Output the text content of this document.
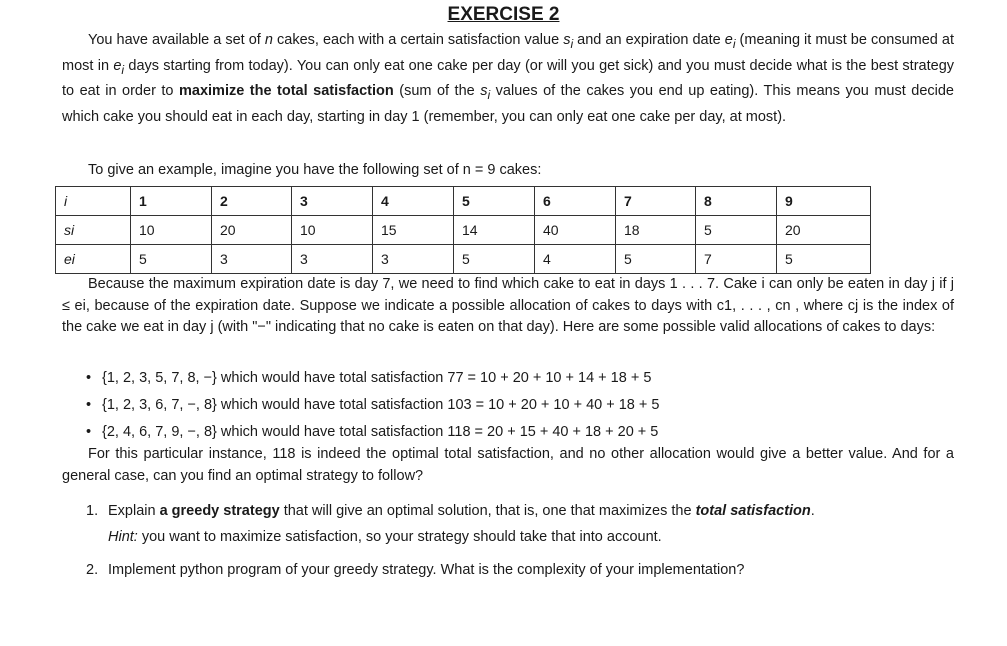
EXERCISE 2

You have available a set of n cakes, each with a certain satisfaction value $s_i$ and an expiration date $e_i$ (meaning it must be consumed at most in $e_i$ days starting from today). You can only eat one cake per day (or will you get sick) and you must decide what is the best strategy to eat in order to maximize the total satisfaction (sum of the $s_i$ values of the cakes you end up eating). This means you must decide which cake you should eat in each day, starting in day 1 (remember, you can only eat one cake per day, at most).

To give an example, imagine you have the following set of n = 9 cakes:

i	1	2	3	4	5	6	7	8	9
si	10	20	10	15	14	40	18	5	20
ei	5	3	3	3	5	4	5	7	5

Because the maximum expiration date is day 7, we need to find which cake to eat in days 1 . . . 7. Cake i can only be eaten in day j if j ≤ ei, because of the expiration date. Suppose we indicate a possible allocation of cakes to days with c1, . . . , cn , where cj is the index of the cake we eat in day j (with "−" indicating that no cake is eaten on that day). Here are some possible valid allocations of cakes to days:

• {1, 2, 3, 5, 7, 8, −} which would have total satisfaction 77 = 10 + 20 + 10 + 14 + 18 + 5
• {1, 2, 3, 6, 7, −, 8} which would have total satisfaction 103 = 10 + 20 + 10 + 40 + 18 + 5
• {2, 4, 6, 7, 9, −, 8} which would have total satisfaction 118 = 20 + 15 + 40 + 18 + 20 + 5

For this particular instance, 118 is indeed the optimal total satisfaction, and no other allocation would give a better value. And for a general case, can you find an optimal strategy to follow?

1. Explain a greedy strategy that will give an optimal solution, that is, one that maximizes the total satisfaction.

Hint: you want to maximize satisfaction, so your strategy should take that into account.

2. Implement python program of your greedy strategy. What is the complexity of your implementation?
